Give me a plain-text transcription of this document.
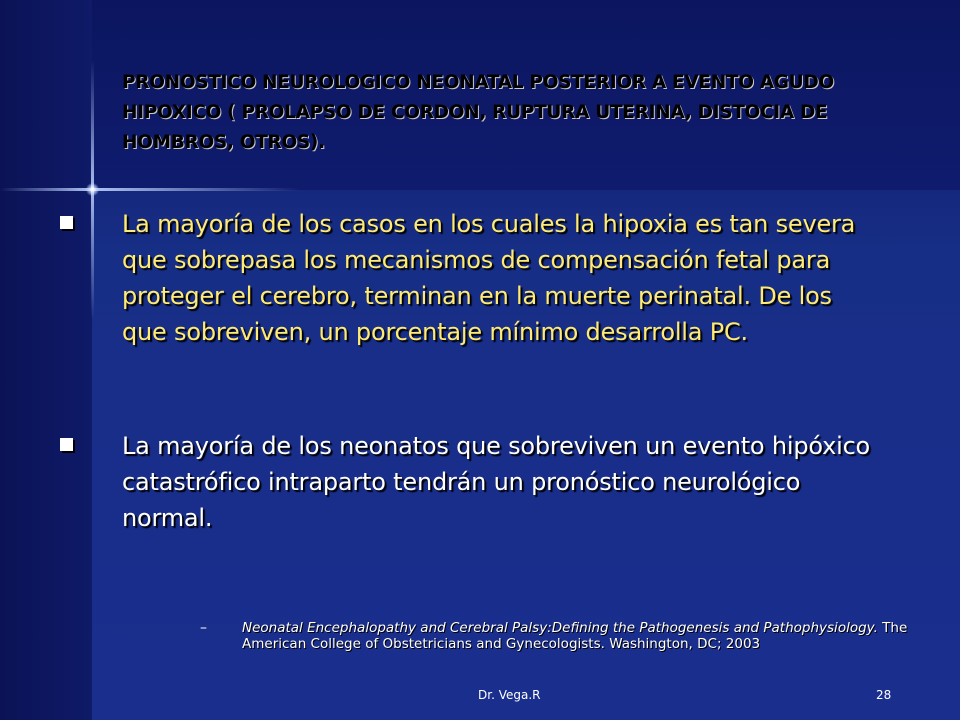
PRONOSTICO NEUROLOGICO NEONATAL POSTERIOR A EVENTO AGUDO HIPOXICO ( PROLAPSO DE CORDON, RUPTURA UTERINA, DISTOCIA DE HOMBROS, OTROS).
La mayoría de los casos en los cuales la hipoxia es tan severa que sobrepasa los mecanismos de compensación fetal para proteger el cerebro, terminan en la muerte perinatal. De los que sobreviven, un porcentaje mínimo desarrolla PC.
La mayoría de los neonatos que sobreviven un evento hipóxico catastrófico intraparto tendrán un pronóstico neurológico normal.
–	Neonatal Encephalopathy and Cerebral Palsy:Defining the Pathogenesis and Pathophysiology. The American College of Obstetricians and Gynecologists. Washington, DC; 2003
Dr. Vega.R	28
